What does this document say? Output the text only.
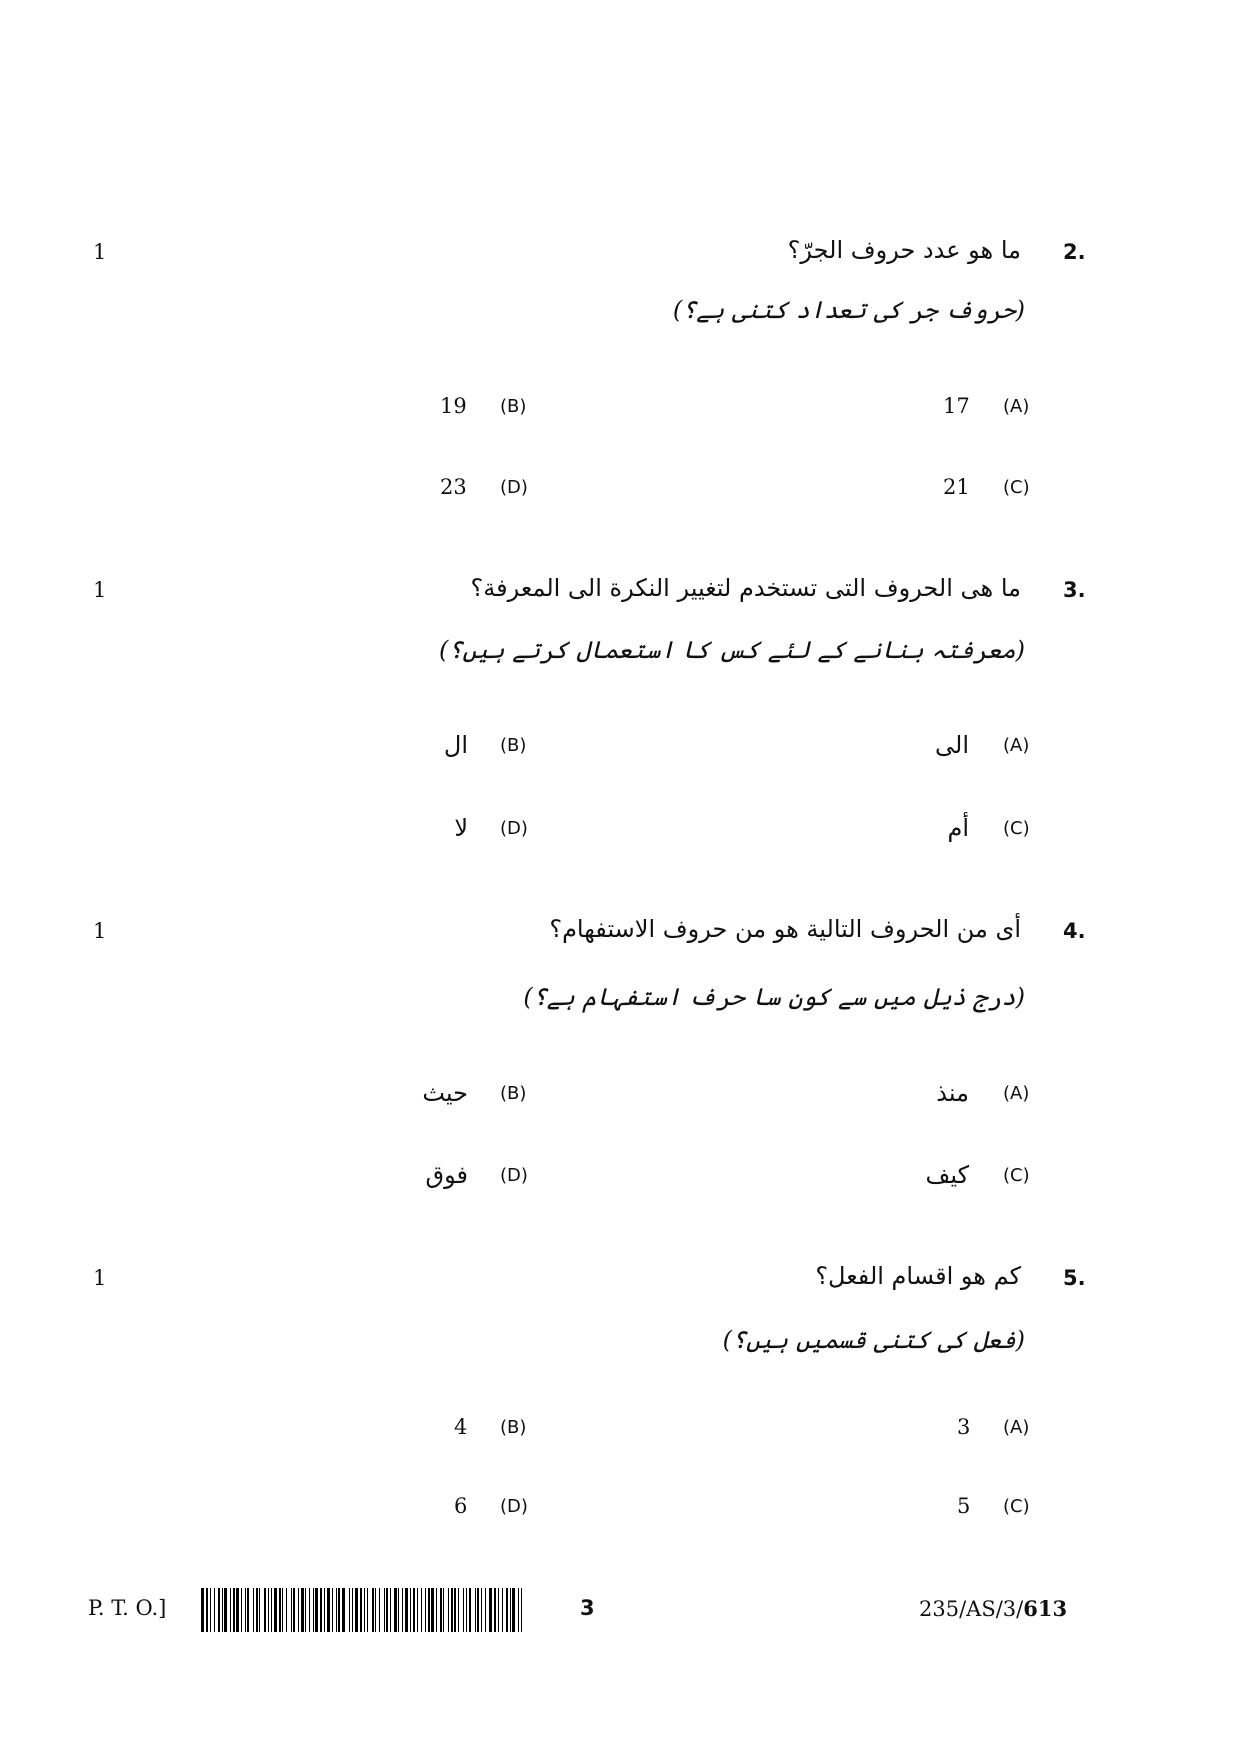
1	2.
ما هو عدد حروف الجرّ؟
(حروف جر کی تعداد کتنی ہے؟)
17 (A)
19 (B)
21 (C)
23 (D)
1	3.
ما هی الحروف التی تستخدم لتغییر النکرة الی المعرفة؟
(معرفتہ بنانے کے لئے کس کا استعمال کرتے ہیں؟)
الی (A)
ال (B)
أم (C)
لا (D)
1	4.
أی من الحروف التالیة هو من حروف الاستفهام؟
(درج ذیل میں سے کون سا حرف استفہام ہے؟)
منذ (A)
حیث (B)
کیف (C)
فوق (D)
1	5.
کم هو اقسام الفعل؟
(فعل کی کتنی قسمیں ہیں؟)
3 (A)
4 (B)
5 (C)
6 (D)
P. T. O.]	3	235/AS/3/613
